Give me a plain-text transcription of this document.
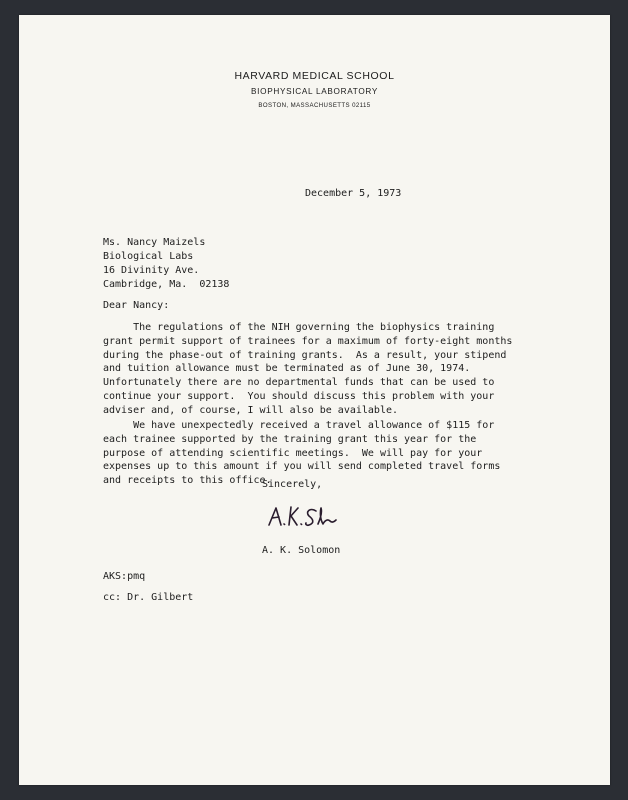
HARVARD MEDICAL SCHOOL
BIOPHYSICAL LABORATORY
BOSTON, MASSACHUSETTS 02115
December 5, 1973
Ms. Nancy Maizels
Biological Labs
16 Divinity Ave.
Cambridge, Ma.  02138
Dear Nancy:
The regulations of the NIH governing the biophysics training
grant permit support of trainees for a maximum of forty-eight months
during the phase-out of training grants.  As a result, your stipend
and tuition allowance must be terminated as of June 30, 1974.
Unfortunately there are no departmental funds that can be used to
continue your support.  You should discuss this problem with your
adviser and, of course, I will also be available.
We have unexpectedly received a travel allowance of $115 for
each trainee supported by the training grant this year for the
purpose of attending scientific meetings.  We will pay for your
expenses up to this amount if you will send completed travel forms
and receipts to this office.
Sincerely,
A. K. Solomon
AKS:pmq
cc: Dr. Gilbert
